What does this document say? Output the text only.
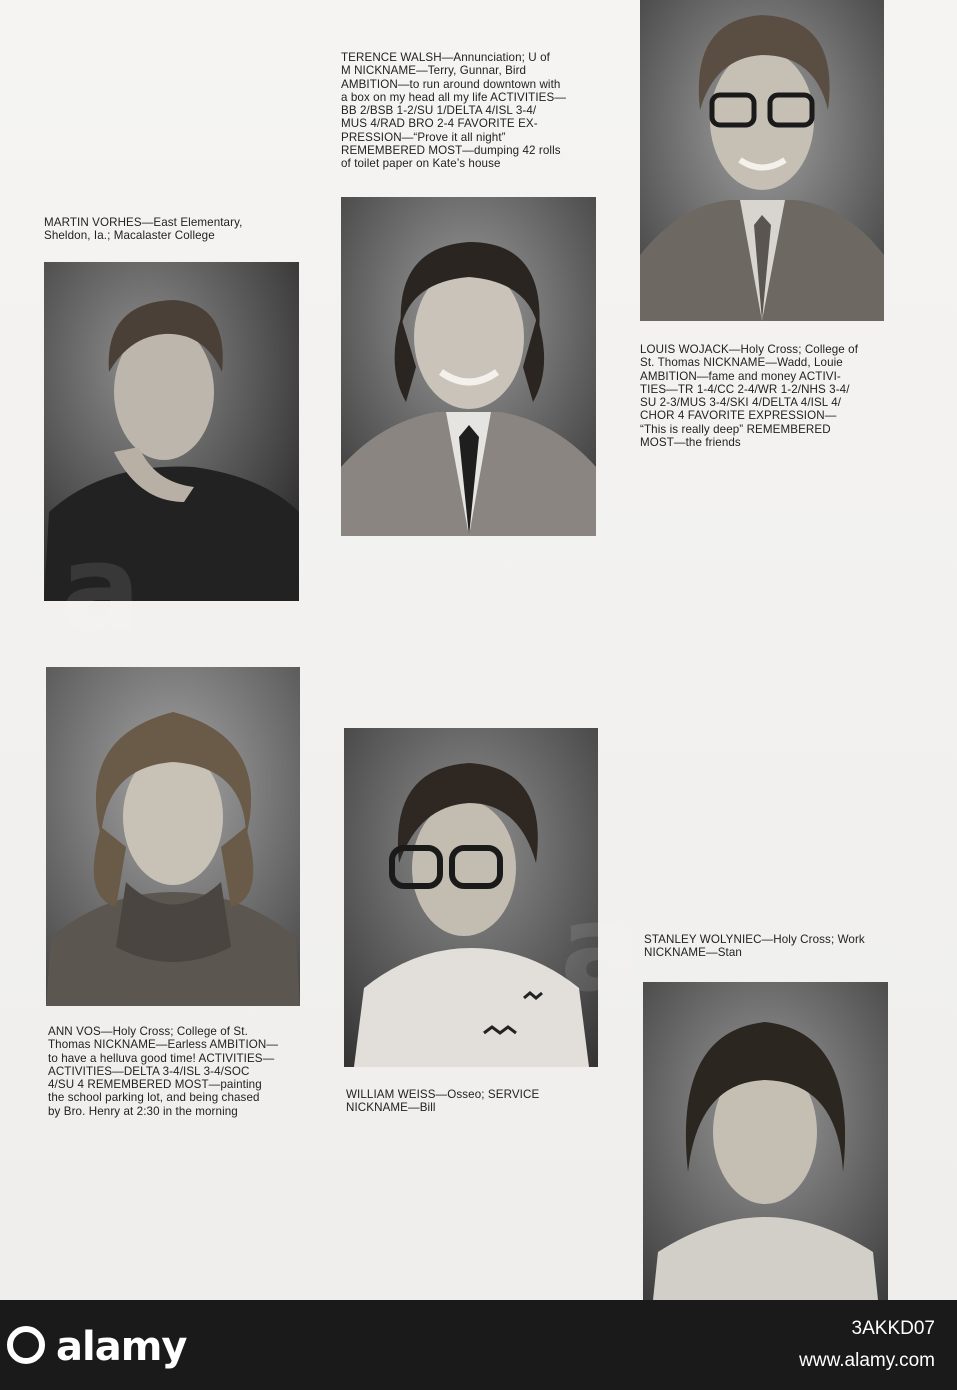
TERENCE WALSH—Annunciation; U of
M NICKNAME—Terry, Gunnar, Bird
AMBITION—to run around downtown with
a box on my head all my life ACTIVITIES—
BB 2/BSB 1-2/SU 1/DELTA 4/ISL 3-4/
MUS 4/RAD BRO 2-4 FAVORITE EX-
PRESSION—“Prove it all night”
REMEMBERED MOST—dumping 42 rolls
of toilet paper on Kate’s house
MARTIN VORHES—East Elementary,
Sheldon, Ia.; Macalaster College
LOUIS WOJACK—Holy Cross; College of
St. Thomas NICKNAME—Wadd, Louie
AMBITION—fame and money ACTIVI-
TIES—TR 1-4/CC 2-4/WR 1-2/NHS 3-4/
SU 2-3/MUS 3-4/SKI 4/DELTA 4/ISL 4/
CHOR 4 FAVORITE EXPRESSION—
“This is really deep” REMEMBERED
MOST—the friends
ANN VOS—Holy Cross; College of St.
Thomas NICKNAME—Earless AMBITION—
to have a helluva good time! ACTIVITIES—
ACTIVITIES—DELTA 3-4/ISL 3-4/SOC
4/SU 4 REMEMBERED MOST—painting
the school parking lot, and being chased
by Bro. Henry at 2:30 in the morning
WILLIAM WEISS—Osseo; SERVICE
NICKNAME—Bill
STANLEY WOLYNIEC—Holy Cross; Work
NICKNAME—Stan
alamy	3AKKD07
www.alamy.com
